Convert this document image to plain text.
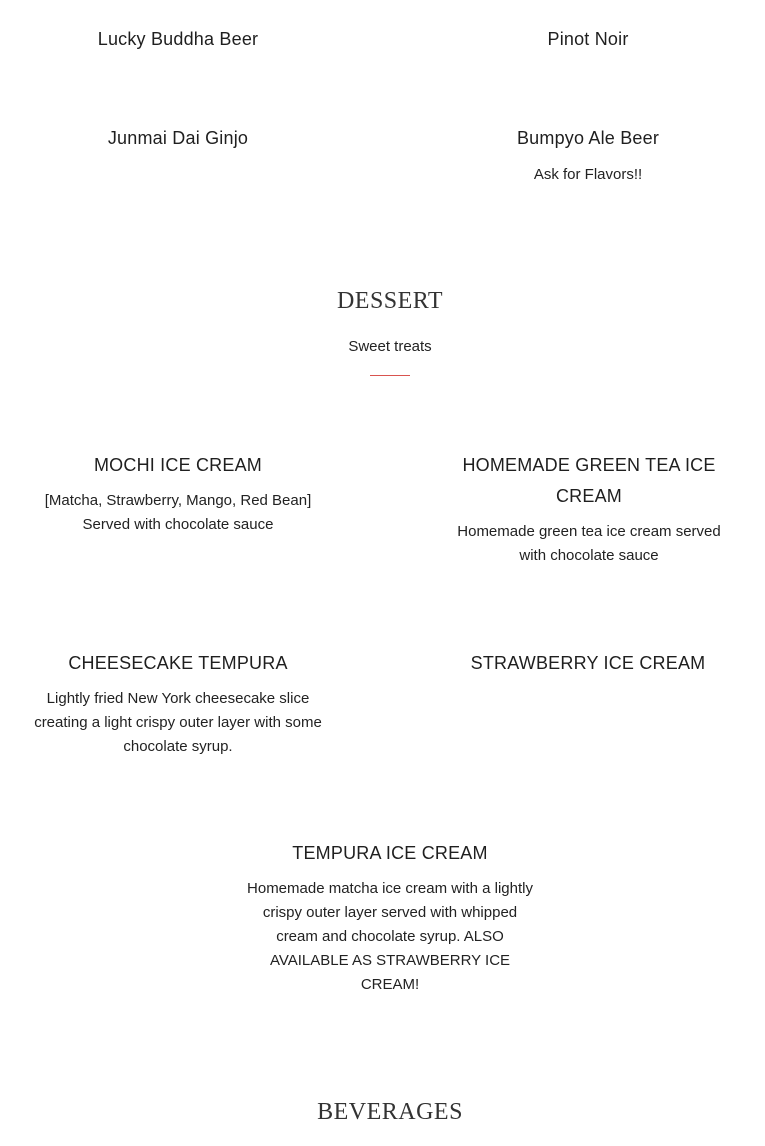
Lucky Buddha Beer	Pinot Noir
Junmai Dai Ginjo	Bumpyo Ale Beer
Ask for Flavors!!
DESSERT
Sweet treats
MOCHI ICE CREAM
[Matcha, Strawberry, Mango, Red Bean] Served with chocolate sauce
HOMEMADE GREEN TEA ICE CREAM
Homemade green tea ice cream served with chocolate sauce
CHEESECAKE TEMPURA
Lightly fried New York cheesecake slice creating a light crispy outer layer with some chocolate syrup.
STRAWBERRY ICE CREAM
TEMPURA ICE CREAM
Homemade matcha ice cream with a lightly crispy outer layer served with whipped cream and chocolate syrup. ALSO AVAILABLE AS STRAWBERRY ICE CREAM!
BEVERAGES
